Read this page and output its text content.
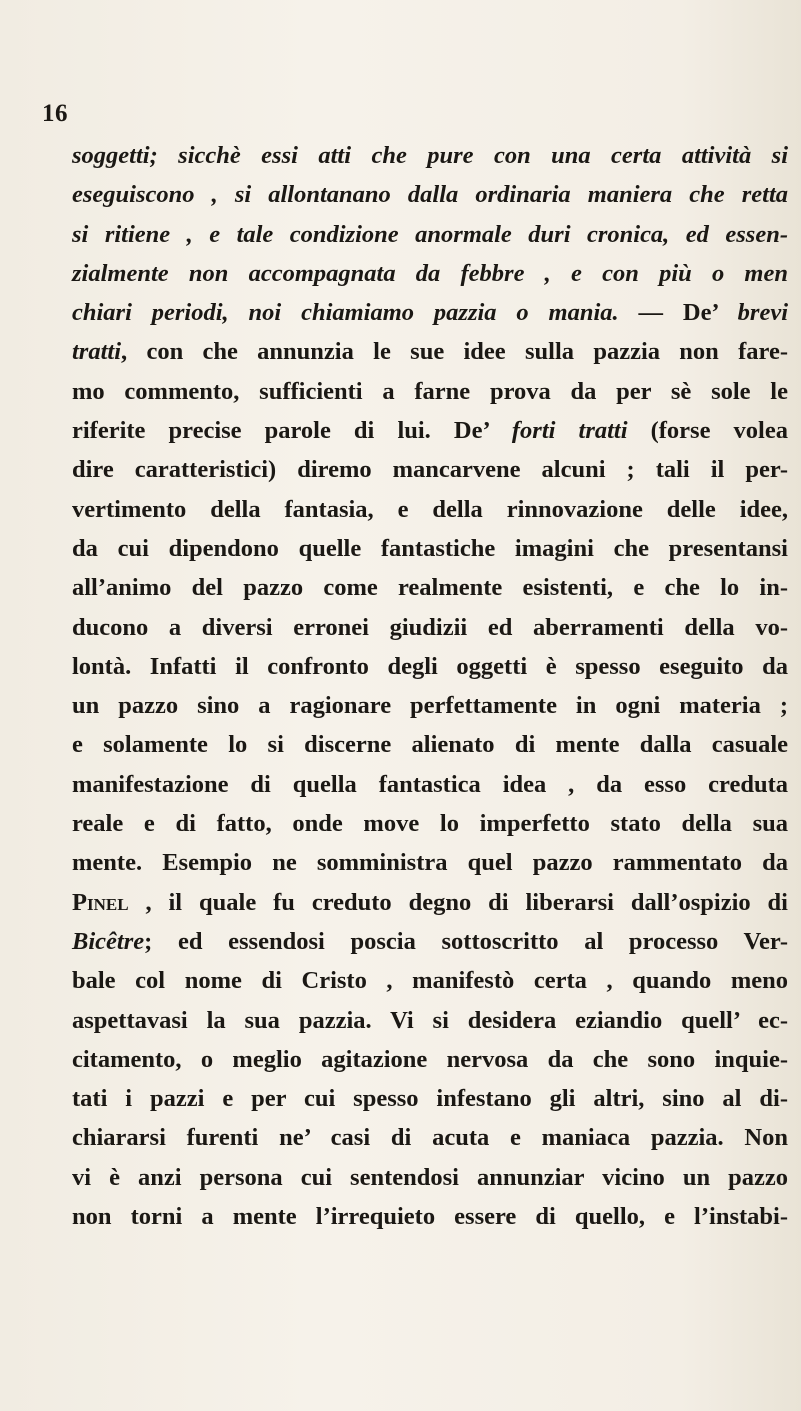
16
soggetti; sicchè essi atti che pure con una certa attività si
eseguiscono , si allontanano dalla ordinaria maniera che retta
si ritiene , e tale condizione anormale duri cronica, ed essen-
zialmente non accompagnata da febbre , e con più o men
chiari periodi, noi chiamiamo pazzia o mania. — De’ brevi
tratti, con che annunzia le sue idee sulla pazzia non fare-
mo commento, sufficienti a farne prova da per sè sole le
riferite precise parole di lui. De’ forti tratti (forse volea
dire caratteristici) diremo mancarvene alcuni ; tali il per-
vertimento della fantasia, e della rinnovazione delle idee,
da cui dipendono quelle fantastiche imagini che presentansi
all’animo del pazzo come realmente esistenti, e che lo in-
ducono a diversi erronei giudizii ed aberramenti della vo-
lontà. Infatti il confronto degli oggetti è spesso eseguito da
un pazzo sino a ragionare perfettamente in ogni materia ;
e solamente lo si discerne alienato di mente dalla casuale
manifestazione di quella fantastica idea , da esso creduta
reale e di fatto, onde move lo imperfetto stato della sua
mente. Esempio ne somministra quel pazzo rammentato da
Pinel , il quale fu creduto degno di liberarsi dall’ospizio di
Bicêtre; ed essendosi poscia sottoscritto al processo Ver-
bale col nome di Cristo , manifestò certa , quando meno
aspettavasi la sua pazzia. Vi si desidera eziandio quell’ ec-
citamento, o meglio agitazione nervosa da che sono inquie-
tati i pazzi e per cui spesso infestano gli altri, sino al di-
chiararsi furenti ne’ casi di acuta e maniaca pazzia. Non
vi è anzi persona cui sentendosi annunziar vicino un pazzo
non torni a mente l’irrequieto essere di quello, e l’instabi-
